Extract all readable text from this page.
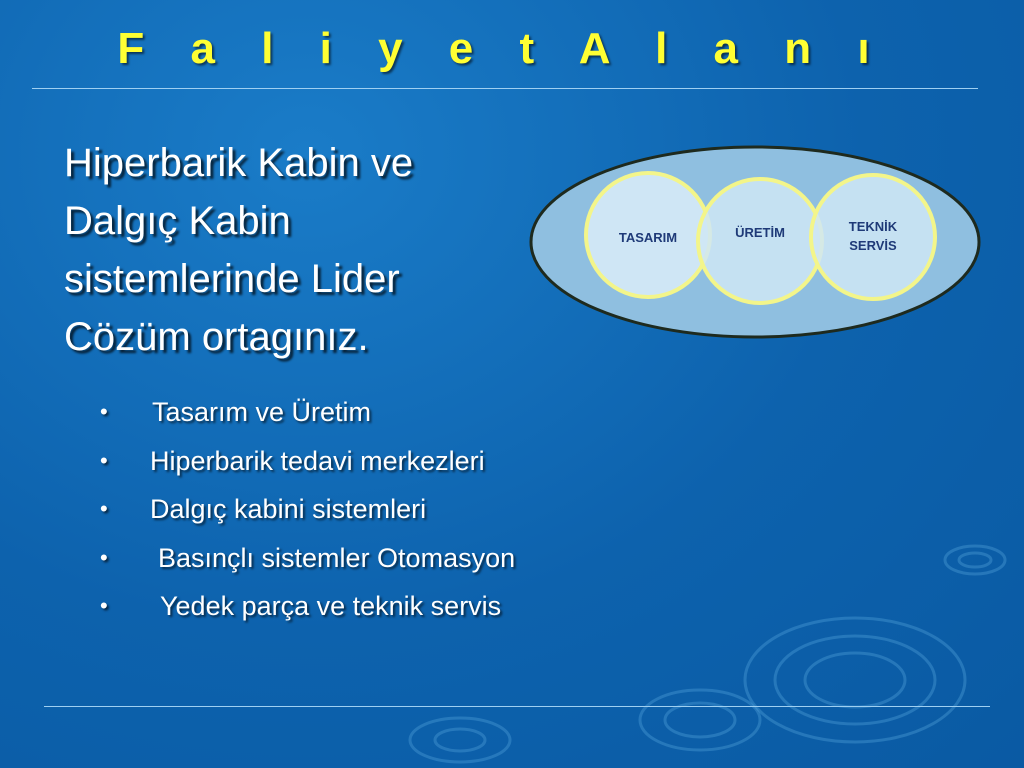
F a l i y e t A l a n ı
Hiperbarik Kabin ve Dalgıç Kabin sistemlerinde Lider Cözüm ortagınız.
TASARIM	ÜRETİM	TEKNİK
SERVİS
• Tasarım ve Üretim
• Hiperbarik tedavi merkezleri
• Dalgıç kabini sistemleri
• Basınçlı sistemler Otomasyon
• Yedek parça ve teknik servis
